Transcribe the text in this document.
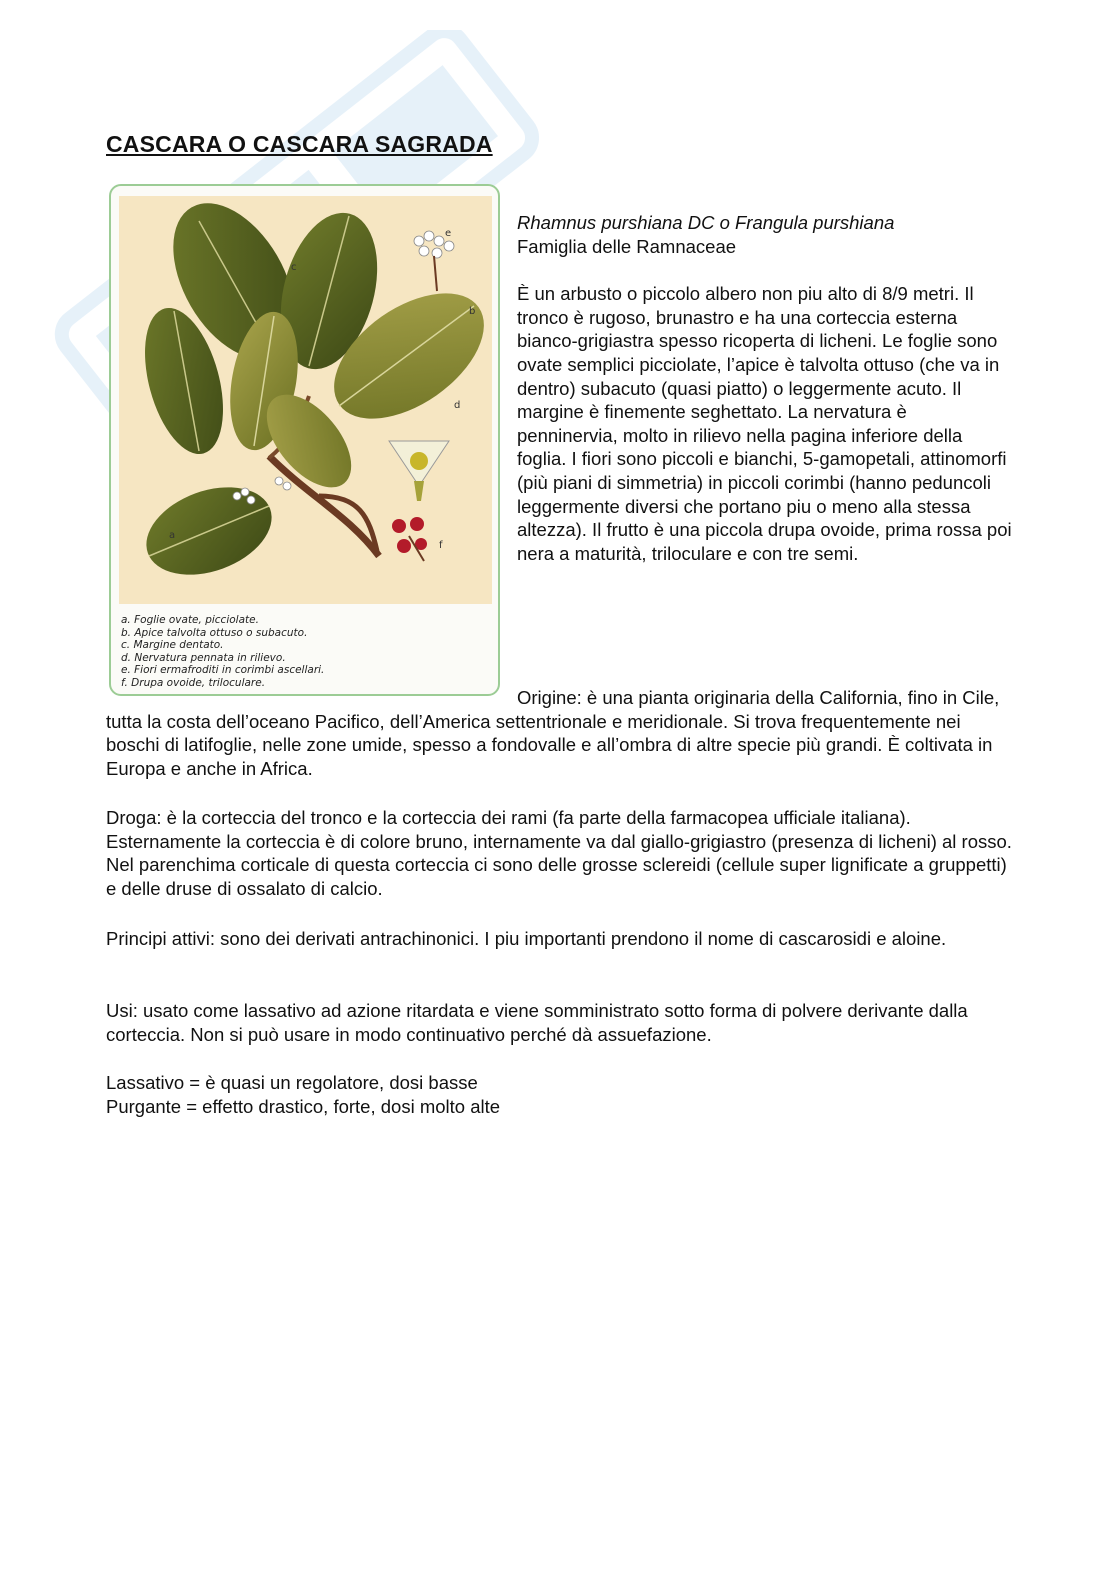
CASCARA O CASCARA SAGRADA
e
c
b
d
a
f
a. Foglie ovate, picciolate.
b. Apice talvolta ottuso o subacuto.
c. Margine dentato.
d. Nervatura pennata in rilievo.
e. Fiori ermafroditi in corimbi ascellari.
f. Drupa ovoide, triloculare.

Rhamnus purshiana DC o Frangula purshiana

Famiglia delle Ramnaceae

È un arbusto o piccolo albero non piu alto di 8/9 metri. Il tronco è rugoso, brunastro e ha una corteccia esterna bianco-grigiastra spesso ricoperta di licheni. Le foglie sono ovate semplici picciolate, l’apice è talvolta ottuso (che va in dentro) subacuto (quasi piatto) o leggermente acuto. Il margine è finemente seghettato. La nervatura è penninervia, molto in rilievo nella pagina inferiore della foglia. I fiori sono piccoli e bianchi, 5-gamopetali, attinomorfi (più piani di simmetria) in piccoli corimbi (hanno peduncoli leggermente diversi che portano piu o meno alla stessa altezza). Il frutto è una piccola drupa ovoide, prima rossa poi nera a maturità, triloculare e con tre semi.

Origine: è una pianta originaria della California, fino in Cile, tutta la costa dell’oceano Pacifico, dell’America settentrionale e meridionale. Si trova frequentemente nei boschi di latifoglie, nelle zone umide, spesso a fondovalle e all’ombra di altre specie più grandi. È coltivata in Europa e anche in Africa.

Droga: è la corteccia del tronco e la corteccia dei rami (fa parte della farmacopea ufficiale italiana). Esternamente la corteccia è di colore bruno, internamente va dal giallo-grigiastro (presenza di licheni) al rosso. Nel parenchima corticale di questa corteccia ci sono delle grosse sclereidi (cellule super lignificate a gruppetti) e delle druse di ossalato di calcio.

Principi attivi: sono dei derivati antrachinonici. I piu importanti prendono il nome di cascarosidi e aloine.

Usi: usato come lassativo ad azione ritardata e viene somministrato sotto forma di polvere derivante dalla corteccia. Non si può usare in modo continuativo perché dà assuefazione.

Lassativo = è quasi un regolatore, dosi basse

Purgante = effetto drastico, forte, dosi molto alte
